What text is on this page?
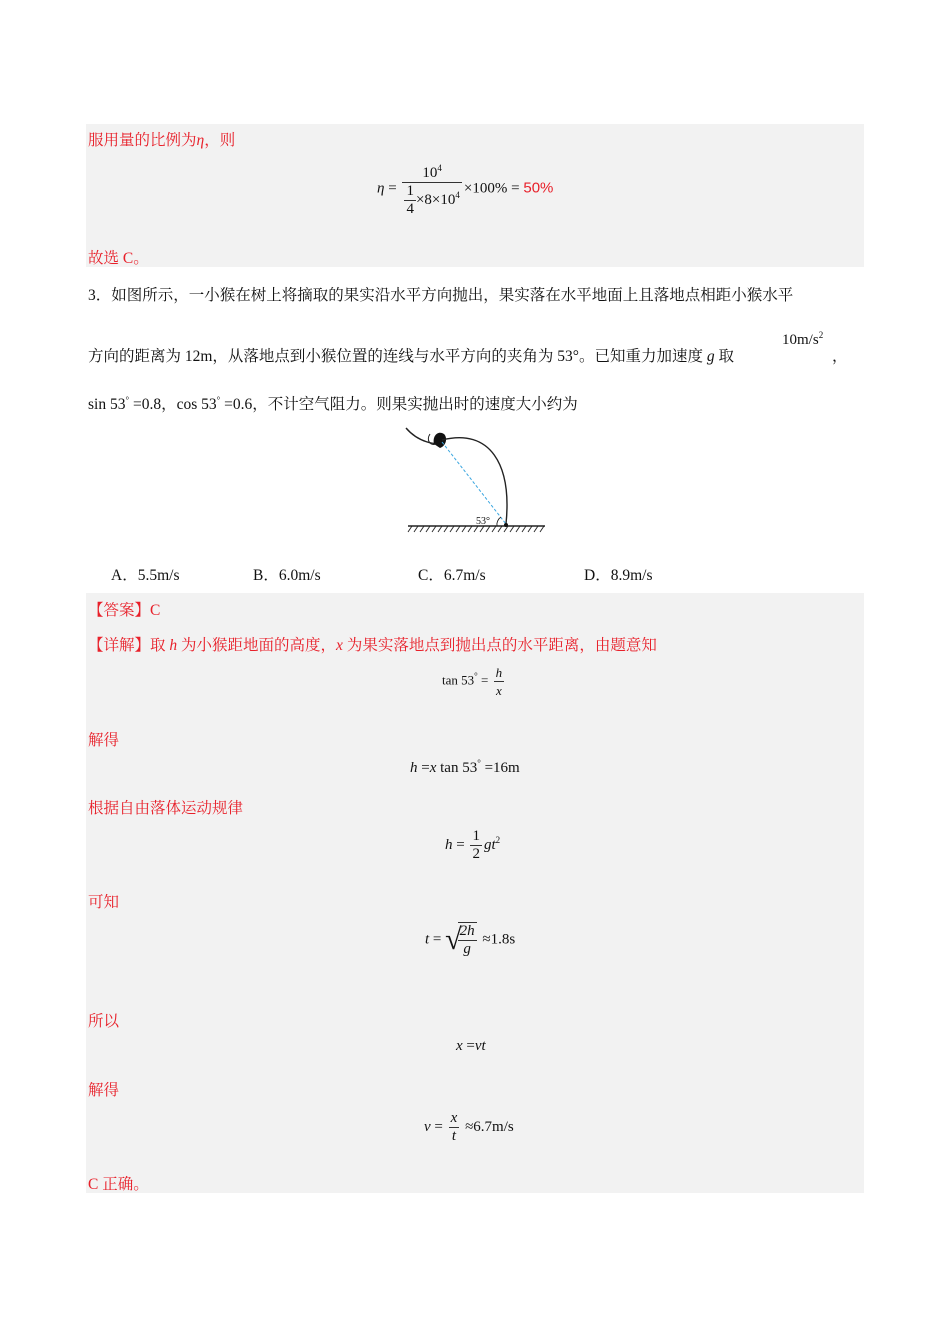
服用量的比例为η，则
$\eta = \frac{10^4}{\frac{1}{4} \times 8\times 10^4} \times 100\% = 50\%$
故选 C。
3．如图所示，一小猴在树上将摘取的果实沿水平方向抛出，果实落在水平地面上且落地点相距小猴水平
方向的距离为 12m，从落地点到小猴位置的连线与水平方向的夹角为 53°。已知重力加速度 g 取
$10m/s^2$
，
sin 53° =0.8，cos 53° =0.6，不计空气阻力。则果实抛出时的速度大小约为
53°
A．5.5m/s	B．6.0m/s	C．6.7m/s	D．8.9m/s
【答案】C
【详解】取 h 为小猴距地面的高度，x 为果实落地点到抛出点的水平距离，由题意知
$\tan 53^\circ = \frac{h}{x}$
解得
h =x tan 53° =16m
根据自由落体运动规律
$h = \frac{1}{2} gt^2$
可知
t = √
$\frac{2h}{g} \approx 1.8s$
所以
x =vt
解得
$v = \frac{x}{t} \approx 6.7m/s$
C 正确。
